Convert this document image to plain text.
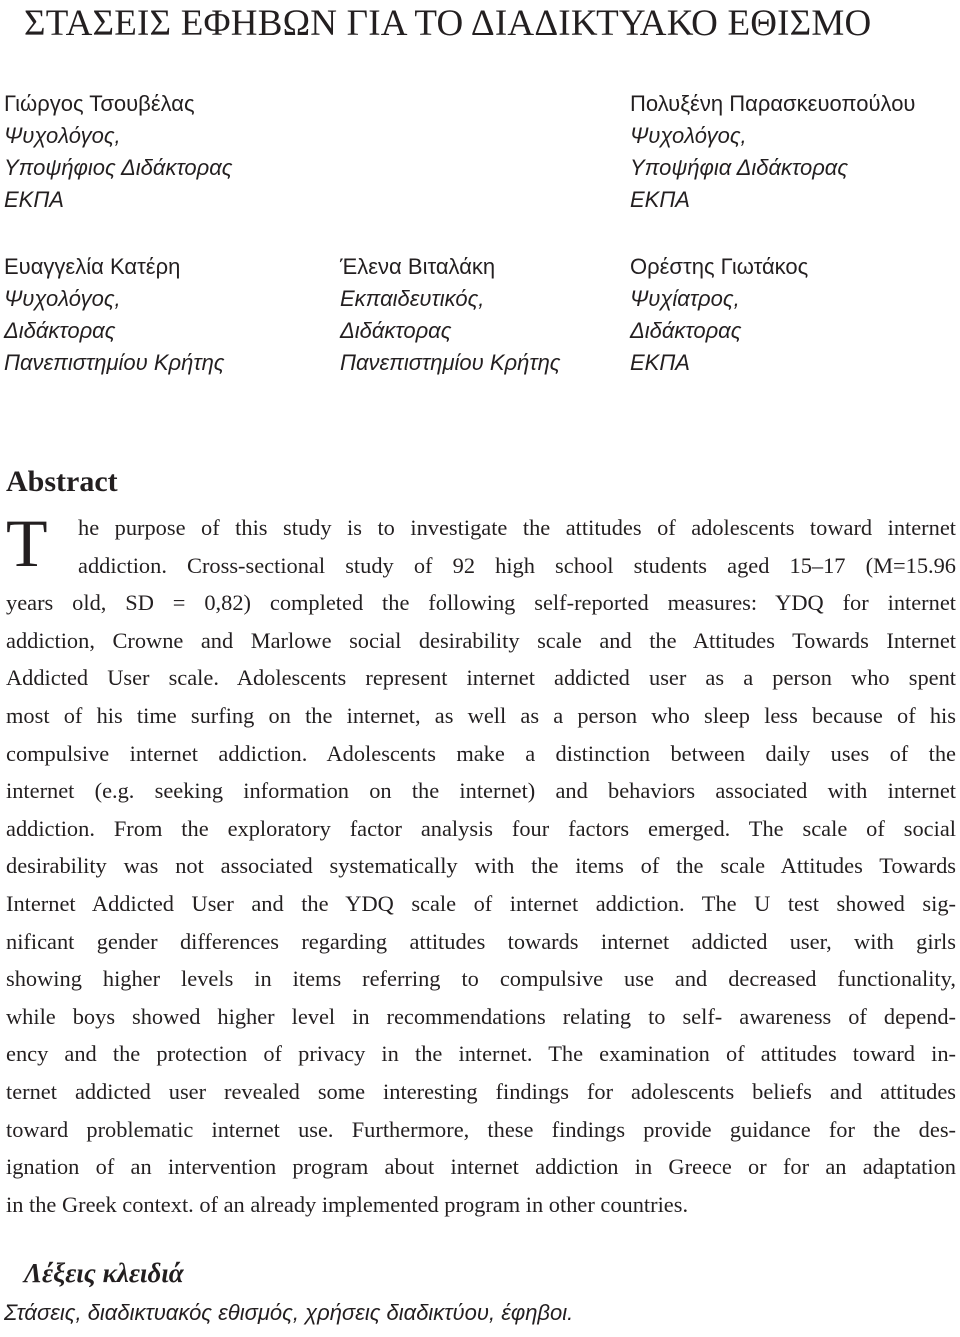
ΣΤΑΣΕΙΣ ΕΦΗΒΩΝ ΓΙΑ ΤΟ ΔΙΑΔΙΚΤΥΑΚΟ ΕΘΙΣΜΟ
Γιώργος Τσουβέλας
Ψυχολόγος,
Υποψήφιος Διδάκτορας
ΕΚΠΑ
Πολυξένη Παρασκευοπούλου
Ψυχολόγος,
Υποψήφια Διδάκτορας
ΕΚΠΑ
Ευαγγελία Κατέρη
Ψυχολόγος,
Διδάκτορας
Πανεπιστημίου Κρήτης
Έλενα Βιταλάκη
Εκπαιδευτικός,
Διδάκτορας
Πανεπιστημίου Κρήτης
Ορέστης Γιωτάκος
Ψυχίατρος,
Διδάκτορας
ΕΚΠΑ
Abstract
T	he purpose of this study is to investigate the attitudes of adolescents toward internet
addiction. Cross-sectional study of 92 high school students aged 15–17 (M=15.96
years old, SD = 0,82) completed the following self-reported measures: YDQ for internet
addiction, Crowne and Marlowe social desirability scale and the Attitudes Towards Internet
Addicted User scale. Adolescents represent internet addicted user as a person who spent
most of his time surfing on the internet, as well as a person who sleep less because of his
compulsive internet addiction. Adolescents make a distinction between daily uses of the
internet (e.g. seeking information on the internet) and behaviors associated with internet
addiction. From the exploratory factor analysis four factors emerged. The scale of social
desirability was not associated systematically with the items of the scale Attitudes Towards
Internet Addicted User and the YDQ scale of internet addiction. The U test showed sig-
nificant gender differences regarding attitudes towards internet addicted user, with girls
showing higher levels in items referring to compulsive use and decreased functionality,
while boys showed higher level in recommendations relating to self- awareness of depend-
ency and the protection of privacy in the internet. The examination of attitudes toward in-
ternet addicted user revealed some interesting findings for adolescents beliefs and attitudes
toward problematic internet use. Furthermore, these findings provide guidance for the des-
ignation of an intervention program about internet addiction in Greece or for an adaptation
in the Greek context. of an already implemented program in other countries.
Λέξεις κλειδιά
Στάσεις, διαδικτυακός εθισμός, χρήσεις διαδικτύου, έφηβοι.
